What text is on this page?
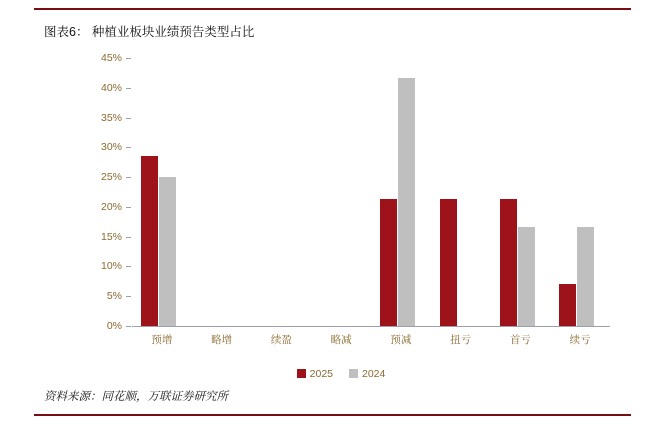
图表6： 种植业板块业绩预告类型占比
0%
5%
10%
15%
20%
25%
30%
35%
40%
45%
预增	略增	续盈	略减	预减	扭亏	首亏	续亏
2025	2024
资料来源：同花顺，万联证券研究所
